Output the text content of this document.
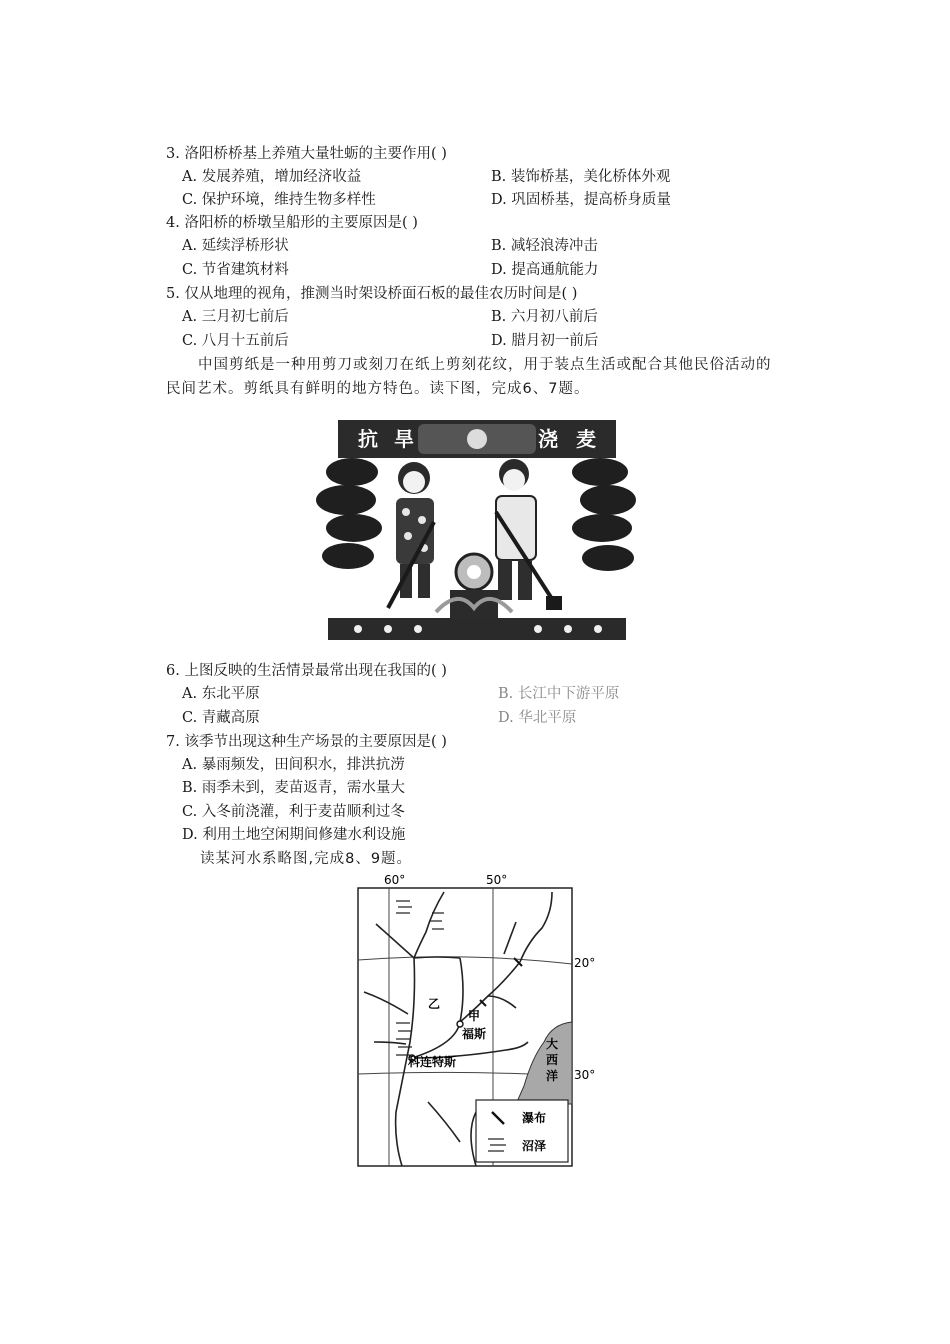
3. 洛阳桥桥基上养殖大量牡蛎的主要作用( )
A. 发展养殖，增加经济收益	B. 装饰桥基，美化桥体外观
C. 保护环境，维持生物多样性	D. 巩固桥基，提高桥身质量
4. 洛阳桥的桥墩呈船形的主要原因是( )
A. 延续浮桥形状	B. 减轻浪涛冲击
C. 节省建筑材料	D. 提高通航能力
5. 仅从地理的视角，推测当时架设桥面石板的最佳农历时间是( )
A. 三月初七前后	B. 六月初八前后
C. 八月十五前后	D. 腊月初一前后
中国剪纸是一种用剪刀或刻刀在纸上剪刻花纹，用于装点生活或配合其他民俗活动的
民间艺术。剪纸具有鲜明的地方特色。读下图，完成6、7题。
抗 旱	浇 麦
6. 上图反映的生活情景最常出现在我国的( )
A. 东北平原	B. 长江中下游平原
C. 青藏高原	D. 华北平原
7. 该季节出现这种生产场景的主要原因是( )
A. 暴雨频发，田间积水，排洪抗涝
B. 雨季未到，麦苗返青，需水量大
C. 入冬前浇灌，利于麦苗顺利过冬
D. 利用土地空闲期间修建水利设施
读某河水系略图,完成8、9题。
60°	50°
20°
30°
乙
甲
福斯
科连特斯
大
西
洋
瀑布
沼泽
